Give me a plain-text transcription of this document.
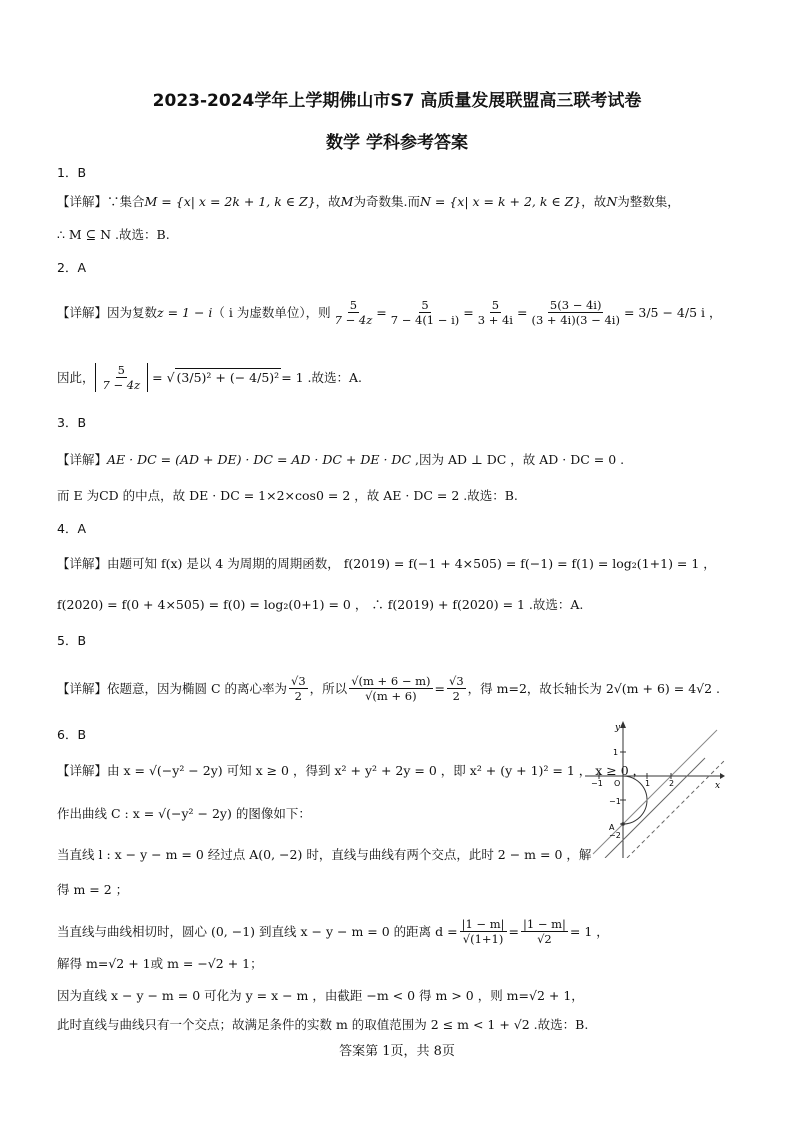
2023-2024学年上学期佛山市S7 高质量发展联盟高三联考试卷
数学 学科参考答案
1．B
【详解】∵集合M = {x| x = 2k + 1, k ∈ Z}，故M为奇数集.而N = {x| x = k + 2, k ∈ Z}，故N为整数集，
∴ M ⊆ N .故选：B.
2．A
【详解】因为复数 z = 1 − i （ i 为虚数单位），则 $\frac{5}{7 - 4z} = \frac{5}{7 - 4(1 - i)} = \frac{5}{3 + 4i} = \frac{5(3 - 4i)}{(3 + 4i)(3 - 4i)} = 3/5 - 4/5$ i ，
因此， $\frac{5}{7 - 4z}$ = √ (3/5)² + (− 4/5)² = 1 .故选：A.
3．B
【详解】AE · DC = (AD + DE) · DC = AD · DC + DE · DC ,因为 AD ⊥ DC ，故 AD · DC = 0 .
而 E 为CD 的中点，故 DE · DC = 1×2×cos0 = 2 ，故 AE · DC = 2 .故选：B.
4．A
【详解】由题可知 f(x) 是以 4 为周期的周期函数， f(2019) = f(−1 + 4×505) = f(−1) = f(1) = log₂(1+1) = 1 ，
f(2020) = f(0 + 4×505) = f(0) = log₂(0+1) = 0 ， ∴ f(2019) + f(2020) = 1 .故选：A.
5．B
【详解】依题意，因为椭圆 C 的离心率为 $\frac{√3}{2}$ ，所以 $\frac{√(m + 6 - m)}{√(m + 6)} = \frac{√3}{2}$ ，得 m=2，故长轴长为 2√(m + 6) = 4√2 .
6．B
【详解】由 x = √(−y² − 2y) 可知 x ≥ 0 ，得到 x² + y² + 2y = 0 ，即 x² + (y + 1)² = 1 ， x ≥ 0 ，
作出曲线 C : x = √(−y² − 2y) 的图像如下：
当直线 l : x − y − m = 0 经过点 A(0, −2) 时，直线与曲线有两个交点，此时 2 − m = 0 ，解
得 m = 2 ；
当直线与曲线相切时，圆心 (0, −1) 到直线 x − y − m = 0 的距离 $d = \frac{|1 - m|}{√(1+1)} = \frac{|1 - m|}{√2} = 1$ ，
解得 m=√2 + 1或 m = −√2 + 1；
因为直线 x − y − m = 0 可化为 y = x − m ，由截距 −m < 0 得 m > 0 ，则 m=√2 + 1，
此时直线与曲线只有一个交点；故满足条件的实数 m 的取值范围为 2 ≤ m < 1 + √2 .故选：B.
y
x
O
A
1
−1
−2
1 2
−1
答案第 1页，共 8页
